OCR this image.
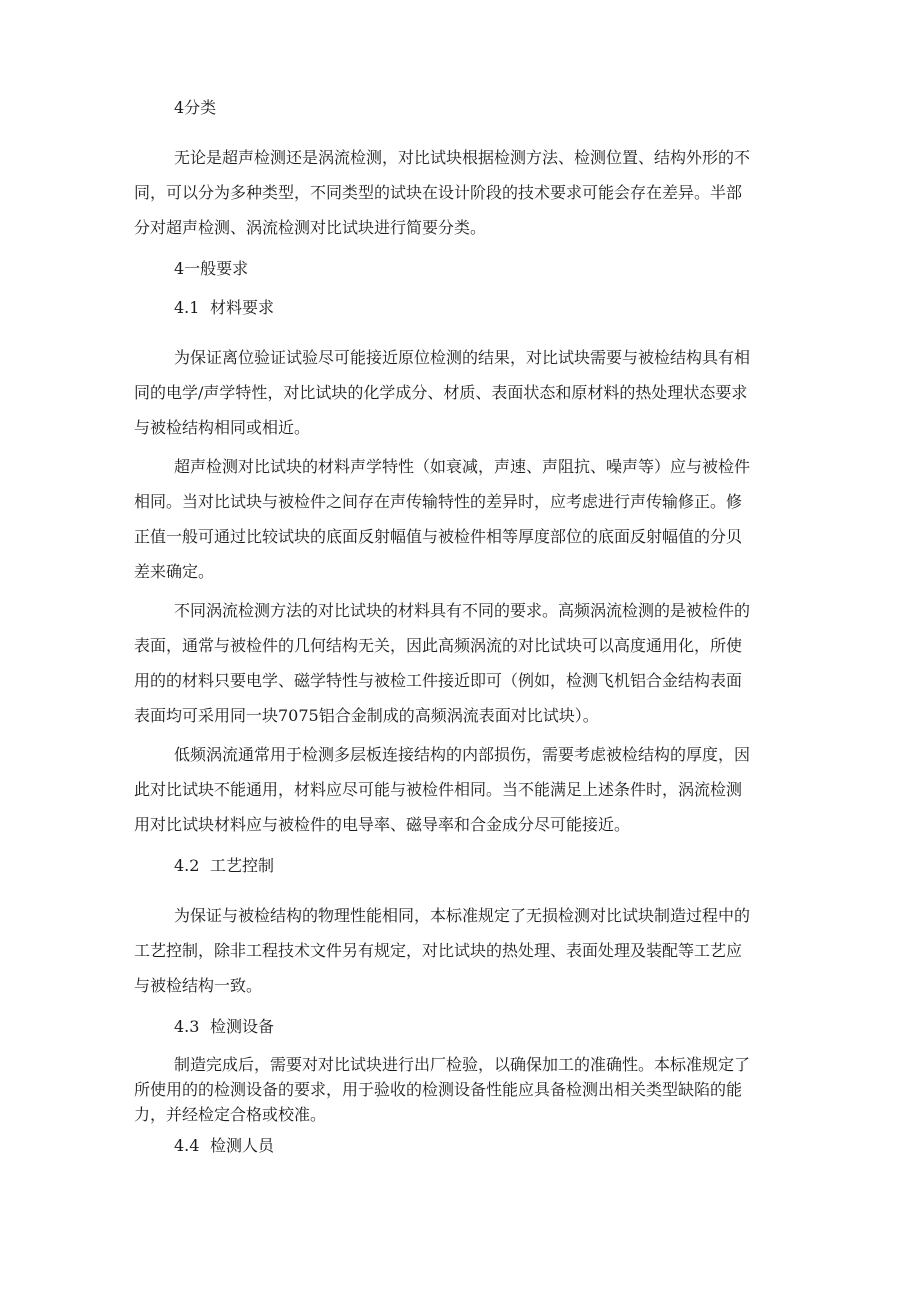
4分类
无论是超声检测还是涡流检测，对比试块根据检测方法、检测位置、结构外形的不
同，可以分为多种类型，不同类型的试块在设计阶段的技术要求可能会存在差异。半部
分对超声检测、涡流检测对比试块进行简要分类。
4一般要求
4.1 材料要求
为保证离位验证试验尽可能接近原位检测的结果，对比试块需要与被检结构具有相
同的电学/声学特性，对比试块的化学成分、材质、表面状态和原材料的热处理状态要求
与被检结构相同或相近。
超声检测对比试块的材料声学特性（如衰减，声速、声阻抗、噪声等）应与被检件
相同。当对比试块与被检件之间存在声传输特性的差异时，应考虑进行声传输修正。修
正值一般可通过比较试块的底面反射幅值与被检件相等厚度部位的底面反射幅值的分贝
差来确定。
不同涡流检测方法的对比试块的材料具有不同的要求。高频涡流检测的是被检件的
表面，通常与被检件的几何结构无关，因此高频涡流的对比试块可以高度通用化，所使
用的的材料只要电学、磁学特性与被检工件接近即可（例如，检测飞机铝合金结构表面
表面均可采用同一块7075铝合金制成的高频涡流表面对比试块）。
低频涡流通常用于检测多层板连接结构的内部损伤，需要考虑被检结构的厚度，因
此对比试块不能通用，材料应尽可能与被检件相同。当不能满足上述条件时，涡流检测
用对比试块材料应与被检件的电导率、磁导率和合金成分尽可能接近。
4.2 工艺控制
为保证与被检结构的物理性能相同，本标准规定了无损检测对比试块制造过程中的
工艺控制，除非工程技术文件另有规定，对比试块的热处理、表面处理及装配等工艺应
与被检结构一致。
4.3 检测设备
制造完成后，需要对对比试块进行出厂检验，以确保加工的准确性。本标准规定了
所使用的的检测设备的要求，用于验收的检测设备性能应具备检测出相关类型缺陷的能
力，并经检定合格或校准。
4.4 检测人员
